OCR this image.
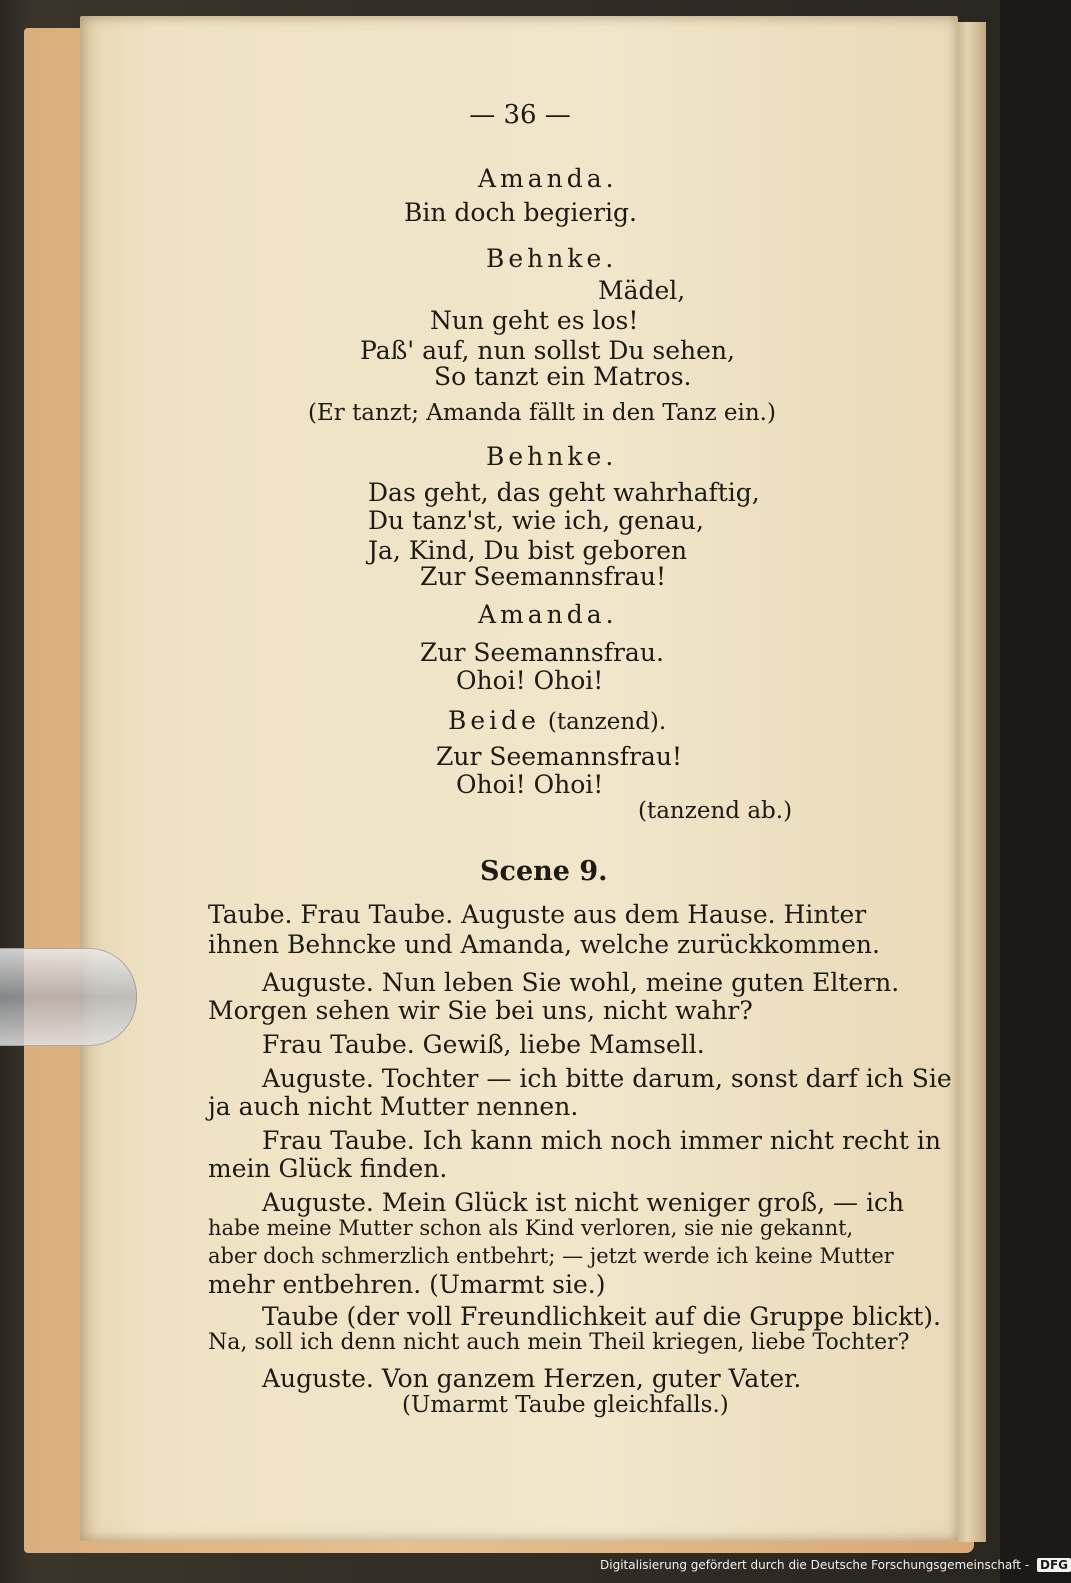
— 36 —
Amanda.
Bin doch begierig.
Behnke.
Mädel,
Nun geht es los!
Paß' auf, nun sollst Du sehen,
So tanzt ein Matros.
(Er tanzt; Amanda fällt in den Tanz ein.)
Behnke.
Das geht, das geht wahrhaftig,
Du tanz'st, wie ich, genau,
Ja, Kind, Du bist geboren
Zur Seemannsfrau!
Amanda.
Zur Seemannsfrau.
Ohoi! Ohoi!
Beide (tanzend).
Zur Seemannsfrau!
Ohoi! Ohoi!
(tanzend ab.)
Scene 9.
Taube. Frau Taube. Auguste aus dem Hause. Hinter
ihnen Behncke und Amanda, welche zurückkommen.
Auguste. Nun leben Sie wohl, meine guten Eltern.
Morgen sehen wir Sie bei uns, nicht wahr?
Frau Taube. Gewiß, liebe Mamsell.
Auguste. Tochter — ich bitte darum, sonst darf ich Sie
ja auch nicht Mutter nennen.
Frau Taube. Ich kann mich noch immer nicht recht in
mein Glück finden.
Auguste. Mein Glück ist nicht weniger groß, — ich
habe meine Mutter schon als Kind verloren, sie nie gekannt,
aber doch schmerzlich entbehrt; — jetzt werde ich keine Mutter
mehr entbehren. (Umarmt sie.)
Taube (der voll Freundlichkeit auf die Gruppe blickt).
Na, soll ich denn nicht auch mein Theil kriegen, liebe Tochter?
Auguste. Von ganzem Herzen, guter Vater.
(Umarmt Taube gleichfalls.)
Digitalisierung gefördert durch die Deutsche Forschungsgemeinschaft - DFG
